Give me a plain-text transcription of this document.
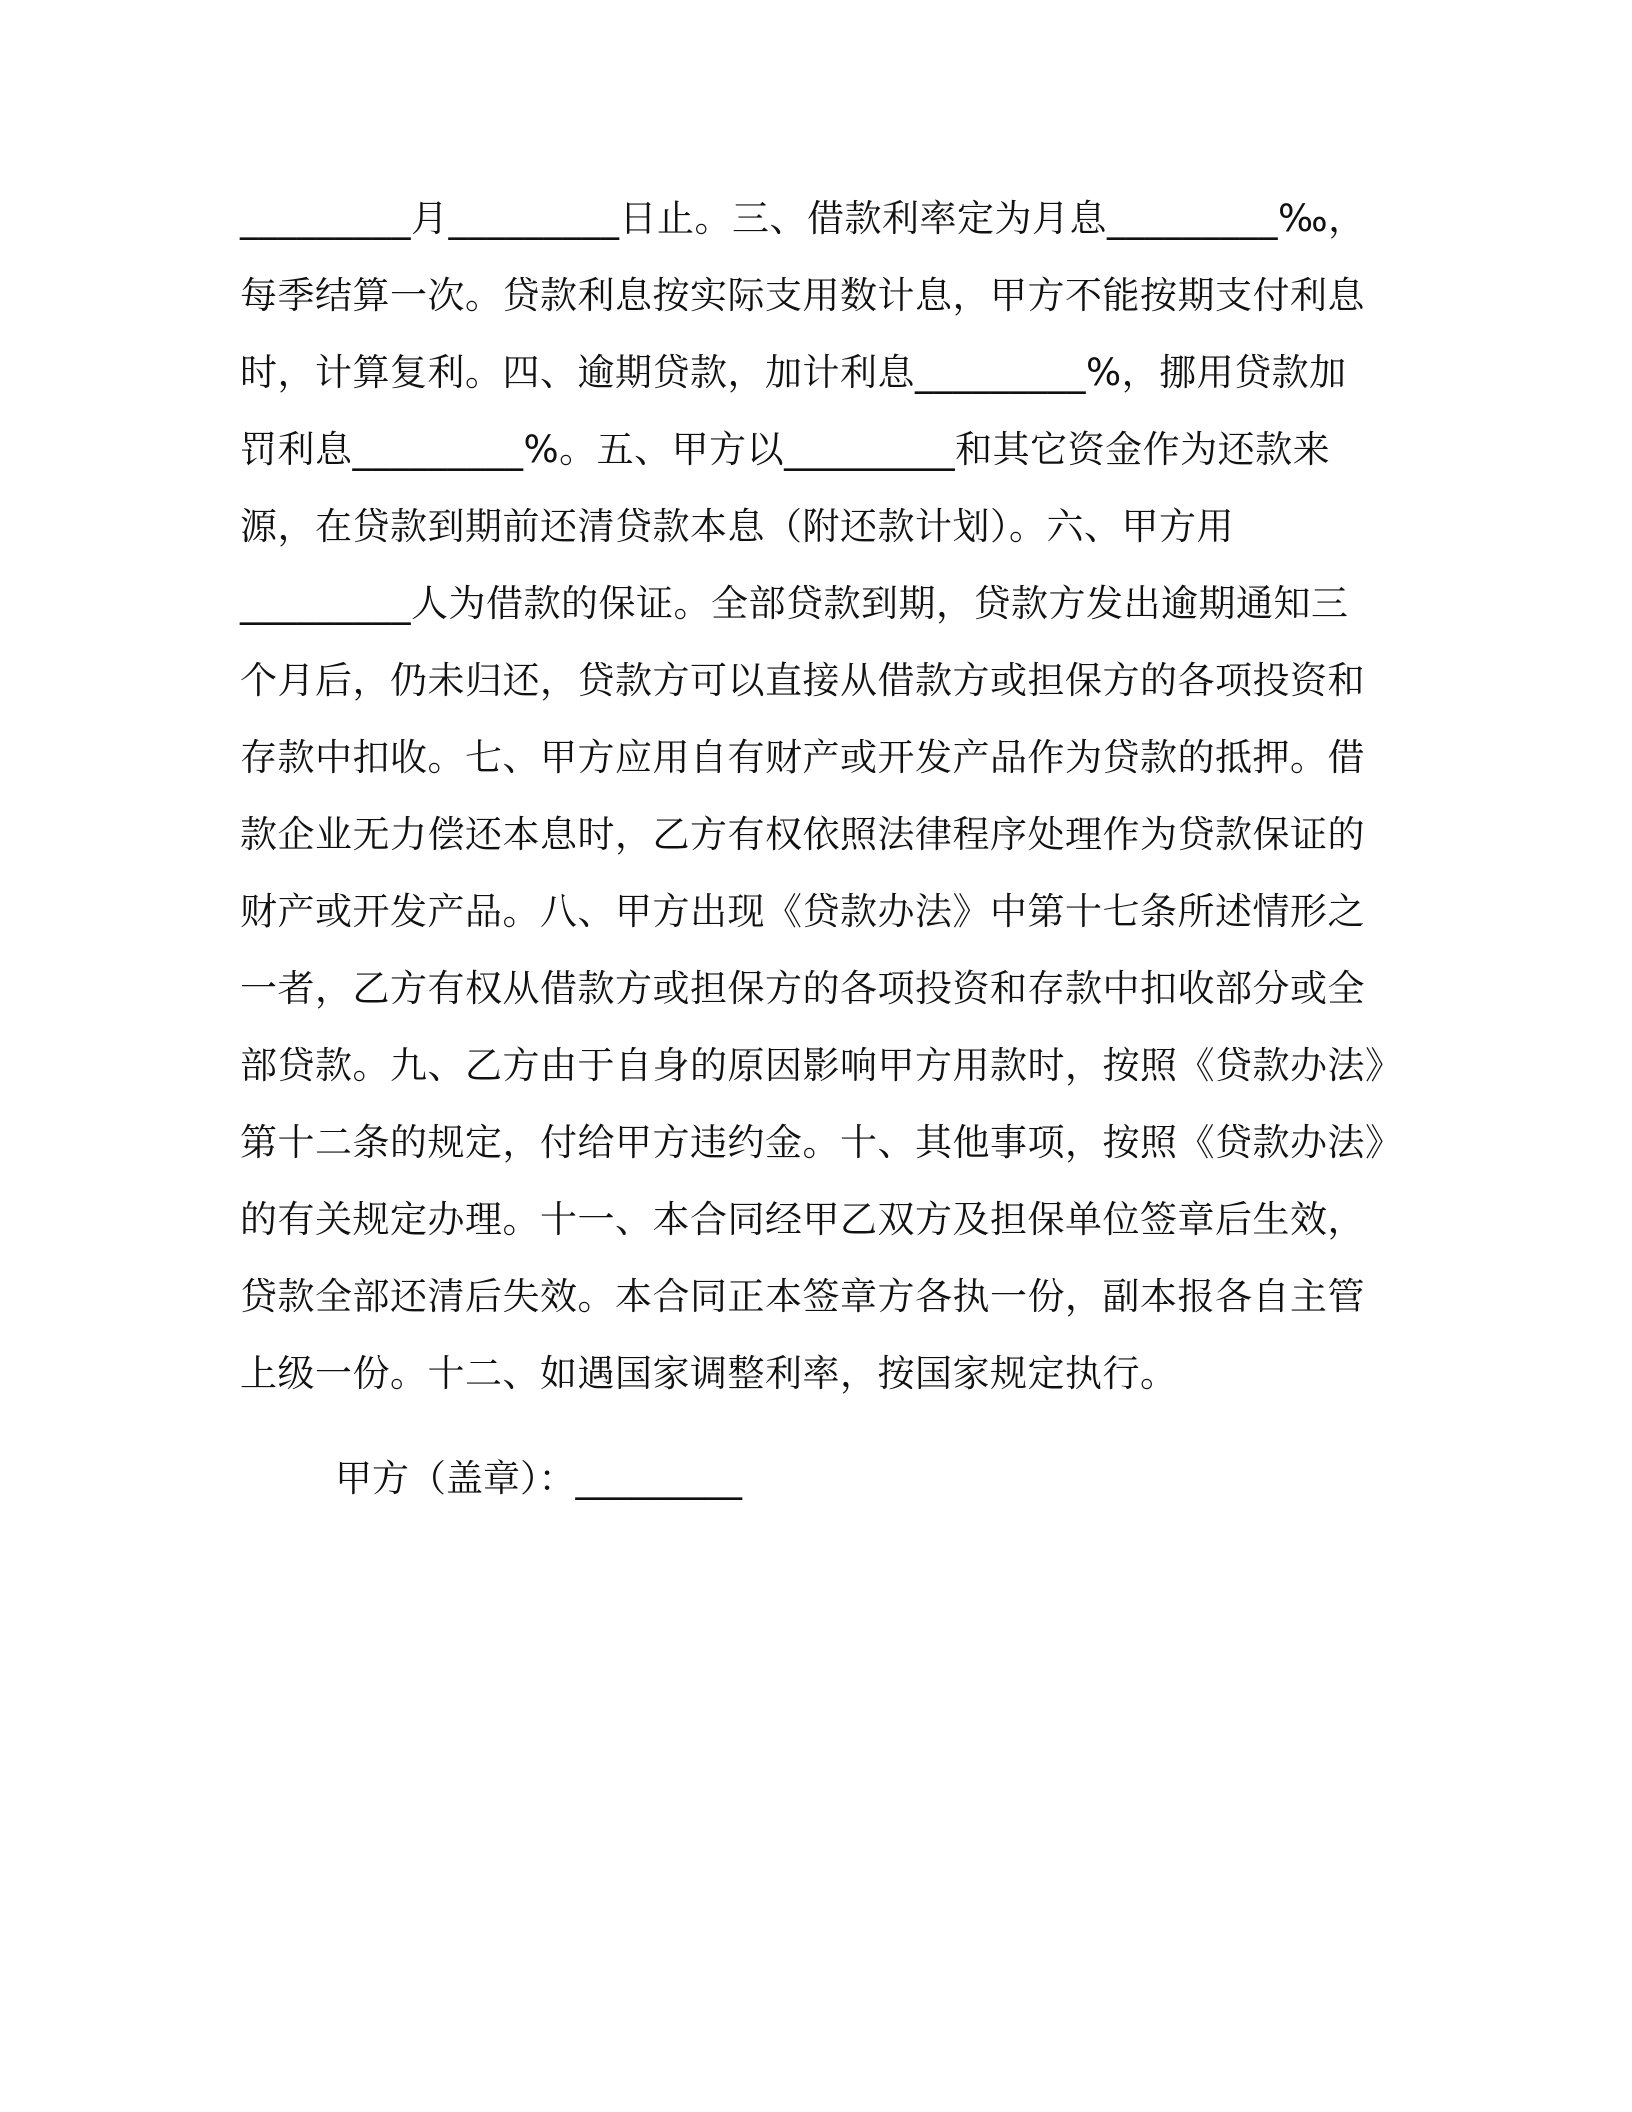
_________月_________日止。三、借款利率定为月息_________‰，
每季结算一次。贷款利息按实际支用数计息，甲方不能按期支付利息
时，计算复利。四、逾期贷款，加计利息_________%，挪用贷款加
罚利息_________%。五、甲方以_________和其它资金作为还款来
源，在贷款到期前还清贷款本息（附还款计划）。六、甲方用
_________人为借款的保证。全部贷款到期，贷款方发出逾期通知三
个月后，仍未归还，贷款方可以直接从借款方或担保方的各项投资和
存款中扣收。七、甲方应用自有财产或开发产品作为贷款的抵押。借
款企业无力偿还本息时，乙方有权依照法律程序处理作为贷款保证的
财产或开发产品。八、甲方出现《贷款办法》中第十七条所述情形之
一者，乙方有权从借款方或担保方的各项投资和存款中扣收部分或全
部贷款。九、乙方由于自身的原因影响甲方用款时，按照《贷款办法》
第十二条的规定，付给甲方违约金。十、其他事项，按照《贷款办法》
的有关规定办理。十一、本合同经甲乙双方及担保单位签章后生效，
贷款全部还清后失效。本合同正本签章方各执一份，副本报各自主管
上级一份。十二、如遇国家调整利率，按国家规定执行。
甲方（盖章）：_________
